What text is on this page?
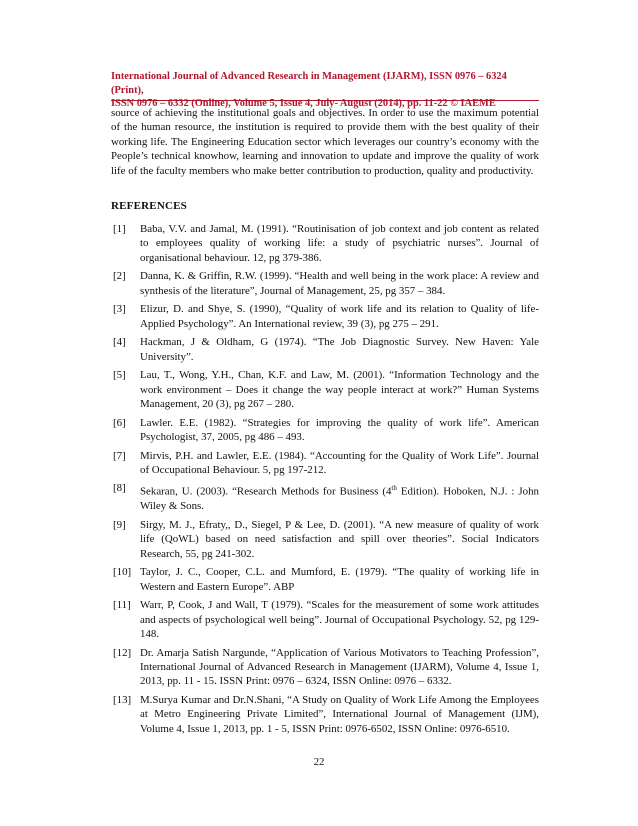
International Journal of Advanced Research in Management (IJARM), ISSN 0976 – 6324 (Print),
ISSN 0976 – 6332 (Online), Volume 5, Issue 4, July- August (2014), pp. 11-22 © IAEME

source of achieving the institutional goals and objectives. In order to use the maximum potential of the human resource, the institution is required to provide them with the best quality of their working life. The Engineering Education sector which leverages our country’s economy with the People’s technical knowhow, learning and innovation to update and improve the quality of work life of the faculty members who make better contribution to production, quality and productivity.

REFERENCES
[1]	Baba, V.V. and Jamal, M. (1991). “Routinisation of job context and job content as related to employees quality of working life: a study of psychiatric nurses”. Journal of organisational behaviour. 12, pg 379-386.
[2]	Danna, K. & Griffin, R.W. (1999). “Health and well being in the work place: A review and synthesis of the literature”, Journal of Management, 25, pg 357 – 384.
[3]	Elizur, D. and Shye, S. (1990), “Quality of work life and its relation to Quality of life-Applied Psychology”. An International review, 39 (3), pg 275 – 291.
[4]	Hackman, J & Oldham, G (1974). “The Job Diagnostic Survey. New Haven: Yale University”.
[5]	Lau, T., Wong, Y.H., Chan, K.F. and Law, M. (2001). “Information Technology and the work environment – Does it change the way people interact at work?” Human Systems Management, 20 (3), pg 267 – 280.
[6]	Lawler. E.E. (1982). “Strategies for improving the quality of work life”. American Psychologist, 37, 2005, pg 486 – 493.
[7]	Mirvis, P.H. and Lawler, E.E. (1984). “Accounting for the Quality of Work Life”. Journal of Occupational Behaviour. 5, pg 197-212.
[8]	Sekaran, U. (2003). “Research Methods for Business (4th Edition). Hoboken, N.J. : John Wiley & Sons.
[9]	Sirgy, M. J., Efraty,, D., Siegel, P & Lee, D. (2001). “A new measure of quality of work life (QoWL) based on need satisfaction and spill over theories”. Social Indicators Research, 55, pg 241-302.
[10] Taylor, J. C., Cooper, C.L. and Mumford, E. (1979). “The quality of working life in Western and Eastern Europe”. ABP
[11] Warr, P, Cook, J and Wall, T (1979). “Scales for the measurement of some work attitudes and aspects of psychological well being”. Journal of Occupational Psychology. 52, pg 129-148.
[12] Dr. Amarja Satish Nargunde, “Application of Various Motivators to Teaching Profession”, International Journal of Advanced Research in Management (IJARM), Volume 4, Issue 1, 2013, pp. 11 - 15. ISSN Print: 0976 – 6324, ISSN Online: 0976 – 6332.
[13] M.Surya Kumar and Dr.N.Shani, “A Study on Quality of Work Life Among the Employees at Metro Engineering Private Limited”, International Journal of Management (IJM), Volume 4, Issue 1, 2013, pp. 1 - 5, ISSN Print: 0976-6502, ISSN Online: 0976-6510.
22
